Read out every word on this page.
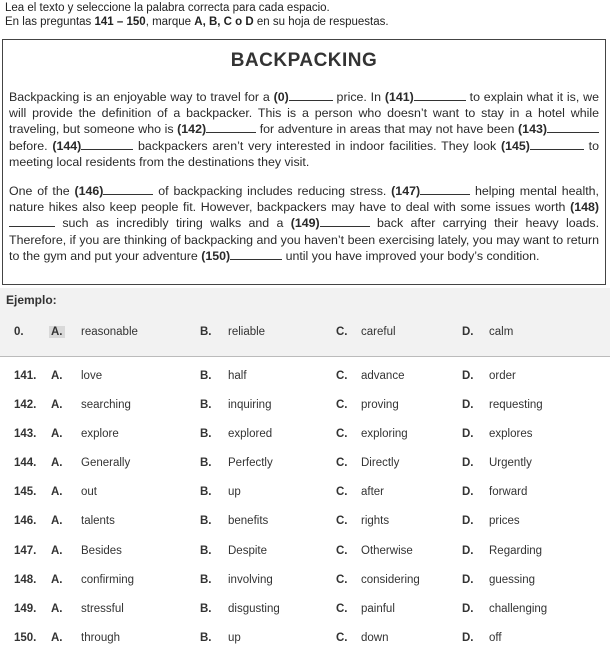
Lea el texto y seleccione la palabra correcta para cada espacio.
En las preguntas 141 – 150, marque A, B, C o D en su hoja de respuestas.
BACKPACKING
Backpacking is an enjoyable way to travel for a (0)	price. In (141)	to explain what it is, we will provide the definition of a backpacker. This is a person who doesn’t want to stay in a hotel while traveling, but someone who is (142)	for adventure in areas that may not have been (143) before. (144)	backpackers aren’t very interested in indoor facilities. They look (145)	to meeting local residents from the destinations they visit.
One of the (146)	of backpacking includes reducing stress. (147)	helping mental health, nature hikes also keep people fit. However, backpackers may have to deal with some issues worth (148) such as incredibly tiring walks and a (149)	back after carrying their heavy loads. Therefore, if you are thinking of backpacking and you haven’t been exercising lately, you may want to return to the gym and put your adventure (150)	until you have improved your body’s condition.
Ejemplo:
0. A. reasonable	B. reliable	C. careful	D. calm
141. A. love	B. half	C. advance	D. order
142. A. searching	B. inquiring	C. proving	D. requesting
143. A. explore	B. explored	C. exploring	D. explores
144. A. Generally	B. Perfectly	C. Directly	D. Urgently
145. A. out	B. up	C. after	D. forward
146. A. talents	B. benefits	C. rights	D. prices
147. A. Besides	B. Despite	C. Otherwise	D. Regarding
148. A. confirming	B. involving	C. considering	D. guessing
149. A. stressful	B. disgusting	C. painful	D. challenging
150. A. through	B. up	C. down	D. off
